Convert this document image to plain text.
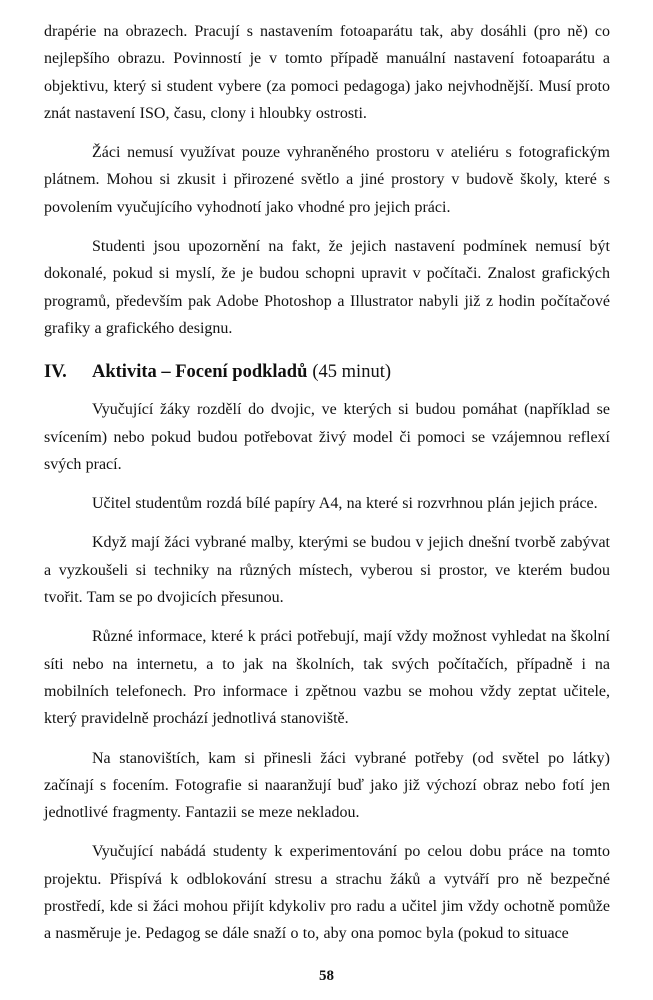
drapérie na obrazech. Pracují s nastavením fotoaparátu tak, aby dosáhli (pro ně) co nejlepšího obrazu. Povinností je v tomto případě manuální nastavení fotoaparátu a objektivu, který si student vybere (za pomoci pedagoga) jako nejvhodnější. Musí proto znát nastavení ISO, času, clony i hloubky ostrosti.

Žáci nemusí využívat pouze vyhraněného prostoru v ateliéru s fotografickým plátnem. Mohou si zkusit i přirozené světlo a jiné prostory v budově školy, které s povolením vyučujícího vyhodnotí jako vhodné pro jejich práci.

Studenti jsou upozornění na fakt, že jejich nastavení podmínek nemusí být dokonalé, pokud si myslí, že je budou schopni upravit v počítači. Znalost grafických programů, především pak Adobe Photoshop a Illustrator nabyli již z hodin počítačové grafiky a grafického designu.

IV.	Aktivita – Focení podkladů (45 minut)

Vyučující žáky rozdělí do dvojic, ve kterých si budou pomáhat (například se svícením) nebo pokud budou potřebovat živý model či pomoci se vzájemnou reflexí svých prací.

Učitel studentům rozdá bílé papíry A4, na které si rozvrhnou plán jejich práce.

Když mají žáci vybrané malby, kterými se budou v jejich dnešní tvorbě zabývat a vyzkoušeli si techniky na různých místech, vyberou si prostor, ve kterém budou tvořit. Tam se po dvojicích přesunou.

Různé informace, které k práci potřebují, mají vždy možnost vyhledat na školní síti nebo na internetu, a to jak na školních, tak svých počítačích, případně i na mobilních telefonech. Pro informace i zpětnou vazbu se mohou vždy zeptat učitele, který pravidelně prochází jednotlivá stanoviště.

Na stanovištích, kam si přinesli žáci vybrané potřeby (od světel po látky) začínají s focením. Fotografie si naaranžují buď jako již výchozí obraz nebo fotí jen jednotlivé fragmenty. Fantazii se meze nekladou.

Vyučující nabádá studenty k experimentování po celou dobu práce na tomto projektu. Přispívá k odblokování stresu a strachu žáků a vytváří pro ně bezpečné prostředí, kde si žáci mohou přijít kdykoliv pro radu a učitel jim vždy ochotně pomůže a nasměruje je. Pedagog se dále snaží o to, aby ona pomoc byla (pokud to situace

58
